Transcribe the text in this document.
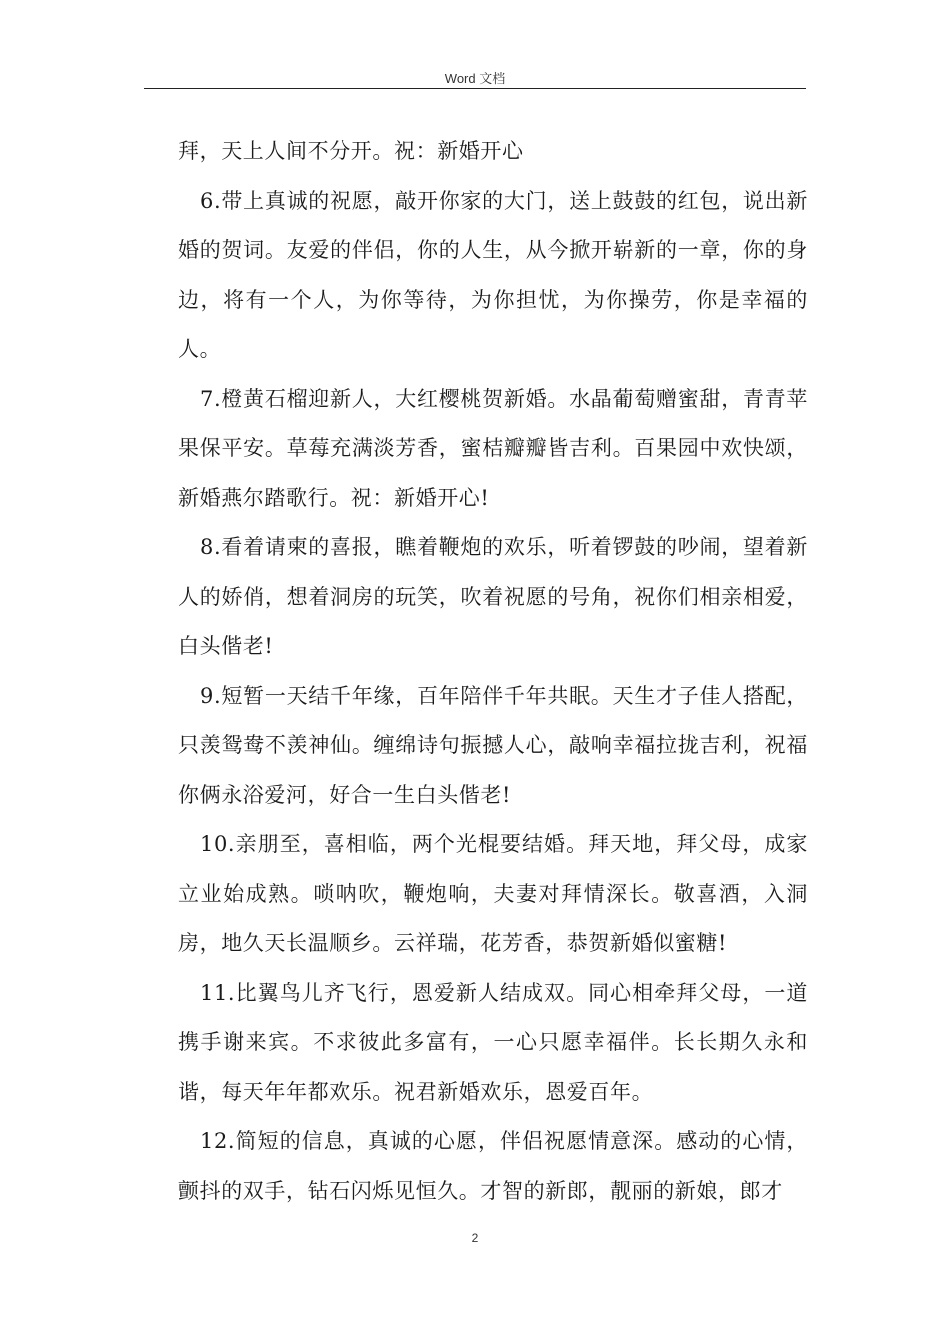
Word 文档

拜，天上人间不分开。祝：新婚开心

6.带上真诚的祝愿，敲开你家的大门，送上鼓鼓的红包，说出新婚的贺词。友爱的伴侣，你的人生，从今掀开崭新的一章，你的身边，将有一个人，为你等待，为你担忧，为你操劳，你是幸福的人。

7.橙黄石榴迎新人，大红樱桃贺新婚。水晶葡萄赠蜜甜，青青苹果保平安。草莓充满淡芳香，蜜桔瓣瓣皆吉利。百果园中欢快颂，新婚燕尔踏歌行。祝：新婚开心!

8.看着请柬的喜报，瞧着鞭炮的欢乐，听着锣鼓的吵闹，望着新人的娇俏，想着洞房的玩笑，吹着祝愿的号角，祝你们相亲相爱，白头偕老!

9.短暂一天结千年缘，百年陪伴千年共眠。天生才子佳人搭配，只羡鸳鸯不羡神仙。缠绵诗句振撼人心，敲响幸福拉拢吉利，祝福你俩永浴爱河，好合一生白头偕老!

10.亲朋至，喜相临，两个光棍要结婚。拜天地，拜父母，成家立业始成熟。唢呐吹，鞭炮响，夫妻对拜情深长。敬喜酒，入洞房，地久天长温顺乡。云祥瑞，花芳香，恭贺新婚似蜜糖!

11.比翼鸟儿齐飞行，恩爱新人结成双。同心相牵拜父母，一道携手谢来宾。不求彼此多富有，一心只愿幸福伴。长长期久永和谐，每天年年都欢乐。祝君新婚欢乐，恩爱百年。

12.简短的信息，真诚的心愿，伴侣祝愿情意深。感动的心情，颤抖的双手，钻石闪烁见恒久。才智的新郎，靓丽的新娘，郎才

2
